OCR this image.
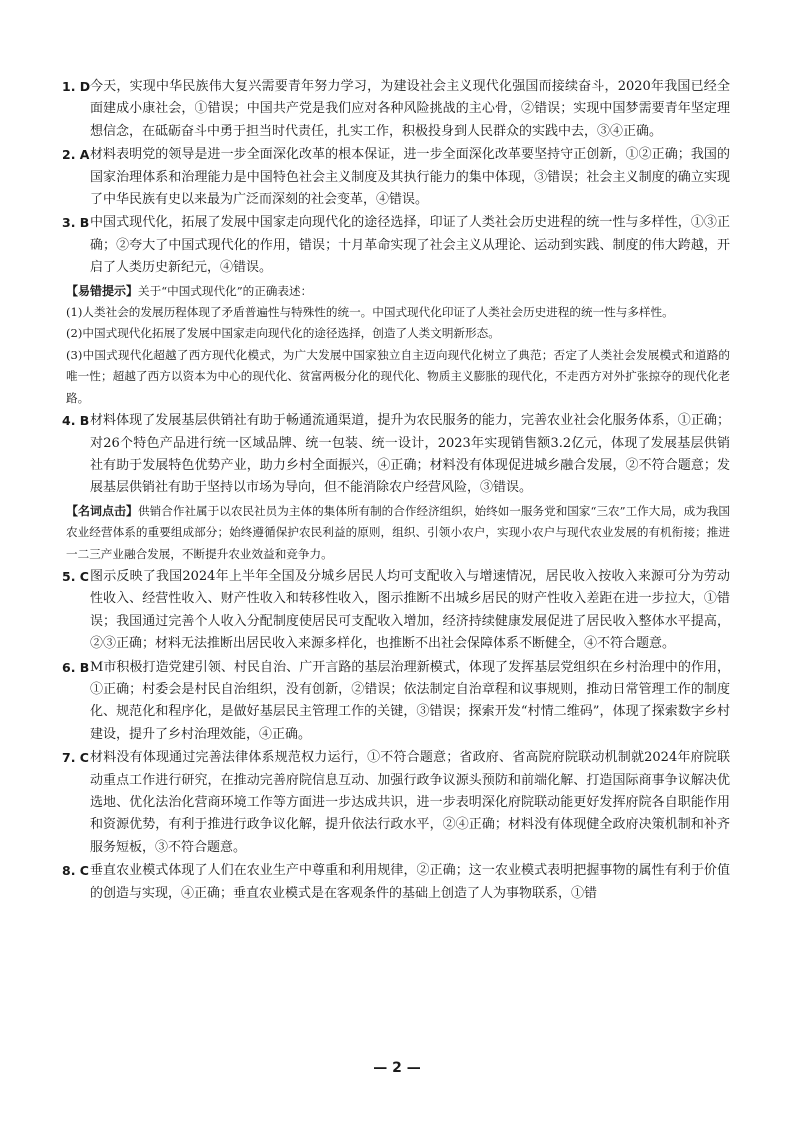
1. D 今天，实现中华民族伟大复兴需要青年努力学习，为建设社会主义现代化强国而接续奋斗，2020年我国已经全面建成小康社会，①错误；中国共产党是我们应对各种风险挑战的主心骨，②错误；实现中国梦需要青年坚定理想信念，在砥砺奋斗中勇于担当时代责任，扎实工作，积极投身到人民群众的实践中去，③④正确。
2. A 材料表明党的领导是进一步全面深化改革的根本保证，进一步全面深化改革要坚持守正创新，①②正确；我国的国家治理体系和治理能力是中国特色社会主义制度及其执行能力的集中体现，③错误；社会主义制度的确立实现了中华民族有史以来最为广泛而深刻的社会变革，④错误。
3. B 中国式现代化，拓展了发展中国家走向现代化的途径选择，印证了人类社会历史进程的统一性与多样性，①③正确；②夸大了中国式现代化的作用，错误；十月革命实现了社会主义从理论、运动到实践、制度的伟大跨越，开启了人类历史新纪元，④错误。
【易错提示】关于“中国式现代化”的正确表述：
(1)人类社会的发展历程体现了矛盾普遍性与特殊性的统一。中国式现代化印证了人类社会历史进程的统一性与多样性。
(2)中国式现代化拓展了发展中国家走向现代化的途径选择，创造了人类文明新形态。
(3)中国式现代化超越了西方现代化模式，为广大发展中国家独立自主迈向现代化树立了典范；否定了人类社会发展模式和道路的唯一性；超越了西方以资本为中心的现代化、贫富两极分化的现代化、物质主义膨胀的现代化，不走西方对外扩张掠夺的现代化老路。
4. B 材料体现了发展基层供销社有助于畅通流通渠道，提升为农民服务的能力，完善农业社会化服务体系，①正确；对26个特色产品进行统一区域品牌、统一包装、统一设计，2023年实现销售额3.2亿元，体现了发展基层供销社有助于发展特色优势产业，助力乡村全面振兴，④正确；材料没有体现促进城乡融合发展，②不符合题意；发展基层供销社有助于坚持以市场为导向，但不能消除农户经营风险，③错误。
【名词点击】供销合作社属于以农民社员为主体的集体所有制的合作经济组织，始终如一服务党和国家“三农”工作大局，成为我国农业经营体系的重要组成部分；始终遵循保护农民利益的原则，组织、引领小农户，实现小农户与现代农业发展的有机衔接；推进一二三产业融合发展，不断提升农业效益和竞争力。
5. C 图示反映了我国2024年上半年全国及分城乡居民人均可支配收入与增速情况，居民收入按收入来源可分为劳动性收入、经营性收入、财产性收入和转移性收入，图示推断不出城乡居民的财产性收入差距在进一步拉大，①错误；我国通过完善个人收入分配制度使居民可支配收入增加，经济持续健康发展促进了居民收入整体水平提高，②③正确；材料无法推断出居民收入来源多样化，也推断不出社会保障体系不断健全，④不符合题意。
6. B M市积极打造党建引领、村民自治、广开言路的基层治理新模式，体现了发挥基层党组织在乡村治理中的作用，①正确；村委会是村民自治组织，没有创新，②错误；依法制定自治章程和议事规则，推动日常管理工作的制度化、规范化和程序化，是做好基层民主管理工作的关键，③错误；探索开发“村情二维码”，体现了探索数字乡村建设，提升了乡村治理效能，④正确。
7. C 材料没有体现通过完善法律体系规范权力运行，①不符合题意；省政府、省高院府院联动机制就2024年府院联动重点工作进行研究，在推动完善府院信息互动、加强行政争议源头预防和前端化解、打造国际商事争议解决优选地、优化法治化营商环境工作等方面进一步达成共识，进一步表明深化府院联动能更好发挥府院各自职能作用和资源优势，有利于推进行政争议化解，提升依法行政水平，②④正确；材料没有体现健全政府决策机制和补齐服务短板，③不符合题意。
8. C 垂直农业模式体现了人们在农业生产中尊重和利用规律，②正确；这一农业模式表明把握事物的属性有利于价值的创造与实现，④正确；垂直农业模式是在客观条件的基础上创造了人为事物联系，①错
— 2 —
